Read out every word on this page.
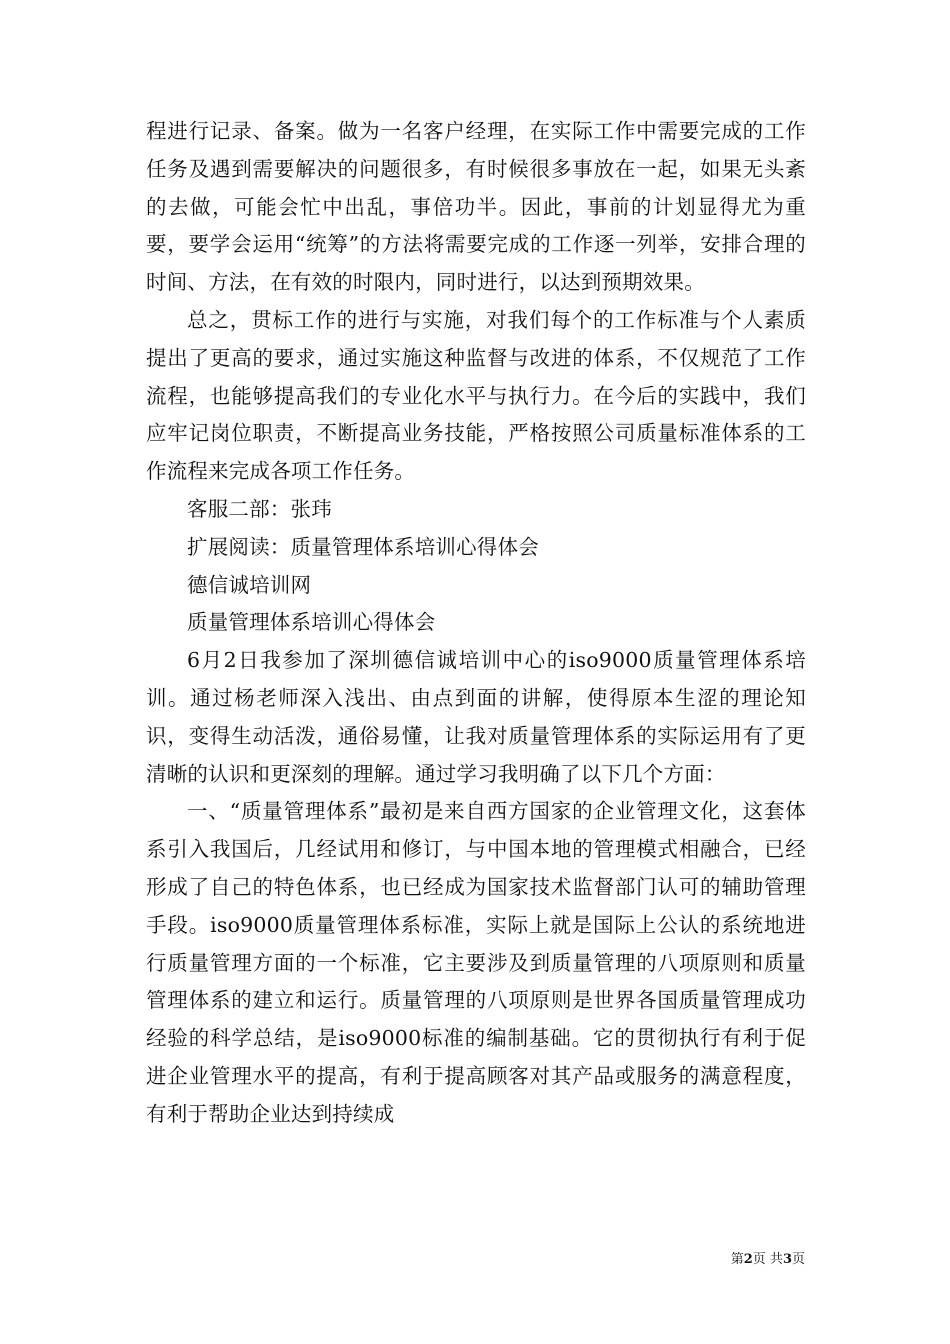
程进行记录、备案。做为一名客户经理，在实际工作中需要完成的工作任务及遇到需要解决的问题很多，有时候很多事放在一起，如果无头紊的去做，可能会忙中出乱，事倍功半。因此，事前的计划显得尤为重要，要学会运用“统筹”的方法将需要完成的工作逐一列举，安排合理的时间、方法，在有效的时限内，同时进行，以达到预期效果。

总之，贯标工作的进行与实施，对我们每个的工作标准与个人素质提出了更高的要求，通过实施这种监督与改进的体系，不仅规范了工作流程，也能够提高我们的专业化水平与执行力。在今后的实践中，我们应牢记岗位职责，不断提高业务技能，严格按照公司质量标准体系的工作流程来完成各项工作任务。

客服二部：张玮

扩展阅读：质量管理体系培训心得体会

德信诚培训网

质量管理体系培训心得体会

6月2日我参加了深圳德信诚培训中心的iso9000质量管理体系培训。通过杨老师深入浅出、由点到面的讲解，使得原本生涩的理论知识，变得生动活泼，通俗易懂，让我对质量管理体系的实际运用有了更清晰的认识和更深刻的理解。通过学习我明确了以下几个方面：

一、“质量管理体系”最初是来自西方国家的企业管理文化，这套体系引入我国后，几经试用和修订，与中国本地的管理模式相融合，已经形成了自己的特色体系，也已经成为国家技术监督部门认可的辅助管理手段。iso9000质量管理体系标准，实际上就是国际上公认的系统地进行质量管理方面的一个标准，它主要涉及到质量管理的八项原则和质量管理体系的建立和运行。质量管理的八项原则是世界各国质量管理成功经验的科学总结，是iso9000标准的编制基础。它的贯彻执行有利于促进企业管理水平的提高，有利于提高顾客对其产品或服务的满意程度，有利于帮助企业达到持续成

第2页 共3页
